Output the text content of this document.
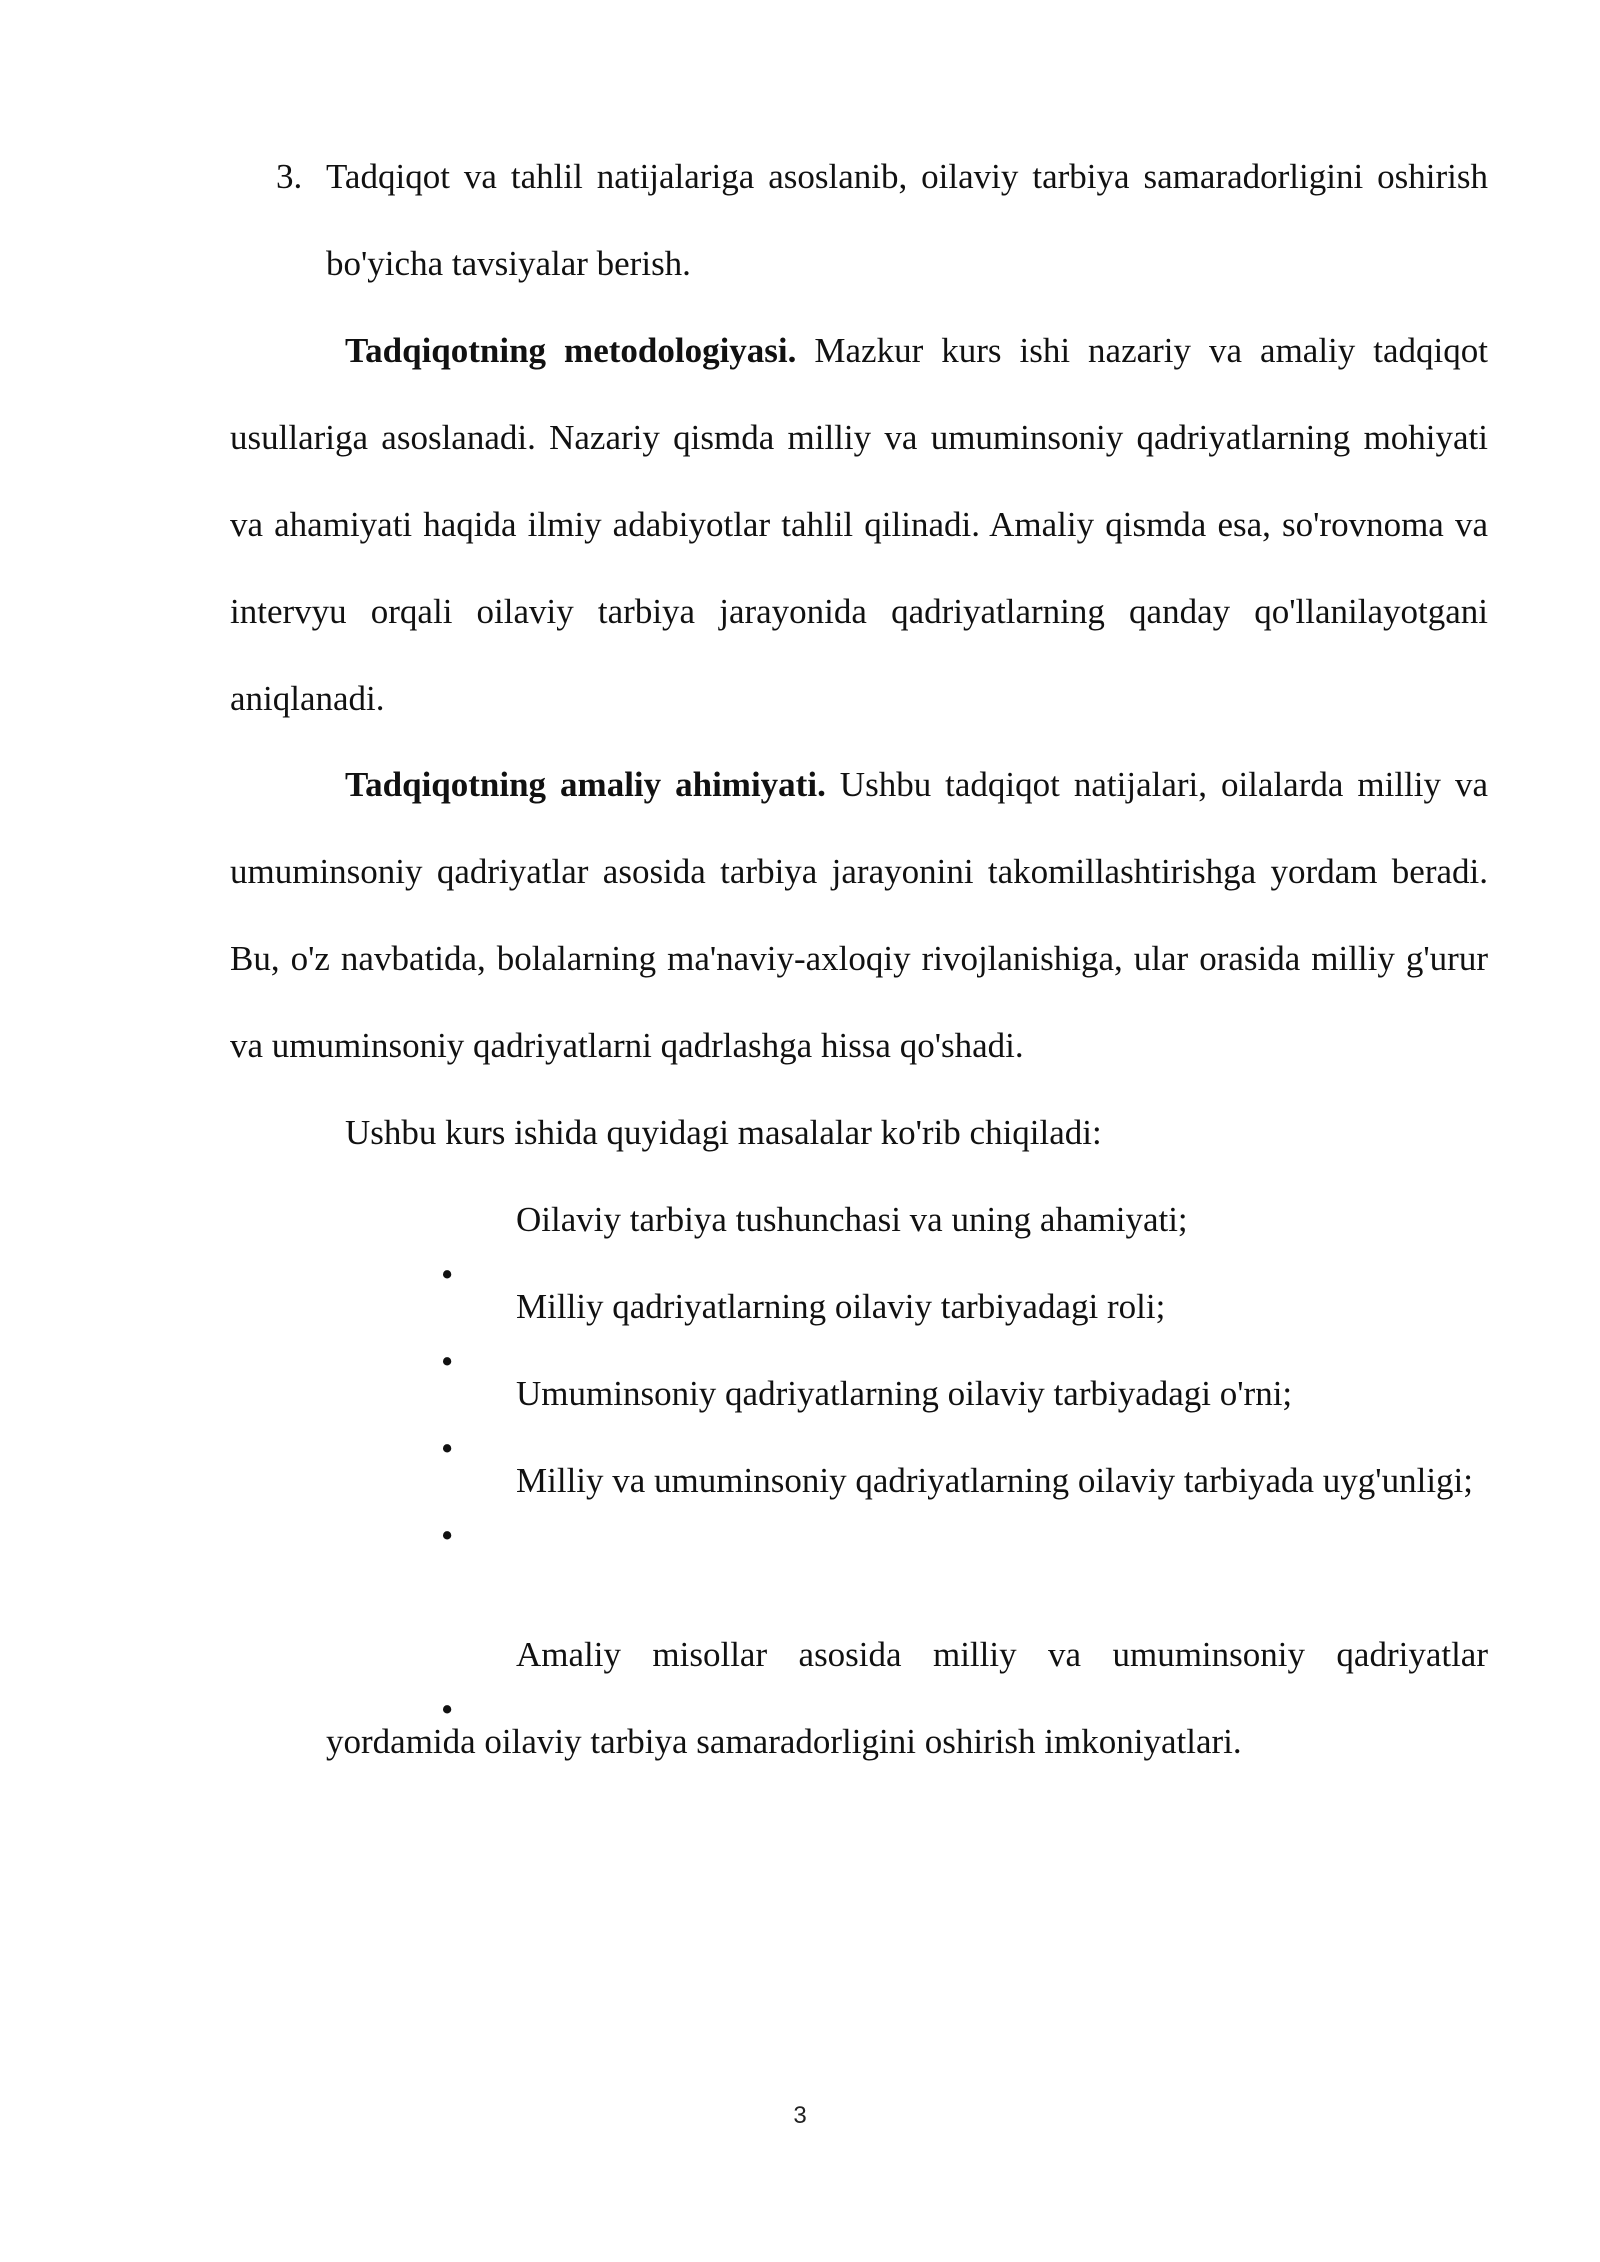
3. Tadqiqot va tahlil natijalariga asoslanib, oilaviy tarbiya samaradorligini oshirish bo'yicha tavsiyalar berish.
Tadqiqotning metodologiyasi. Mazkur kurs ishi nazariy va amaliy tadqiqot usullariga asoslanadi. Nazariy qismda milliy va umuminsoniy qadriyatlarning mohiyati va ahamiyati haqida ilmiy adabiyotlar tahlil qilinadi. Amaliy qismda esa, so'rovnoma va intervyu orqali oilaviy tarbiya jarayonida qadriyatlarning qanday qo'llanilayotgani aniqlanadi.
Tadqiqotning amaliy ahimiyati. Ushbu tadqiqot natijalari, oilalarda milliy va umuminsoniy qadriyatlar asosida tarbiya jarayonini takomillashtirishga yordam beradi. Bu, o'z navbatida, bolalarning ma'naviy-axloqiy rivojlanishiga, ular orasida milliy g'urur va umuminsoniy qadriyatlarni qadrlashga hissa qo'shadi.
Ushbu kurs ishida quyidagi masalalar ko'rib chiqiladi:
•
Oilaviy tarbiya tushunchasi va uning ahamiyati;
•
Milliy qadriyatlarning oilaviy tarbiyadagi roli;
•
Umuminsoniy qadriyatlarning oilaviy tarbiyadagi o'rni;
•
Milliy va umuminsoniy qadriyatlarning oilaviy tarbiyada uyg'unligi;
•
Amaliy misollar asosida milliy va umuminsoniy qadriyatlar yordamida oilaviy tarbiya samaradorligini oshirish imkoniyatlari.
3
